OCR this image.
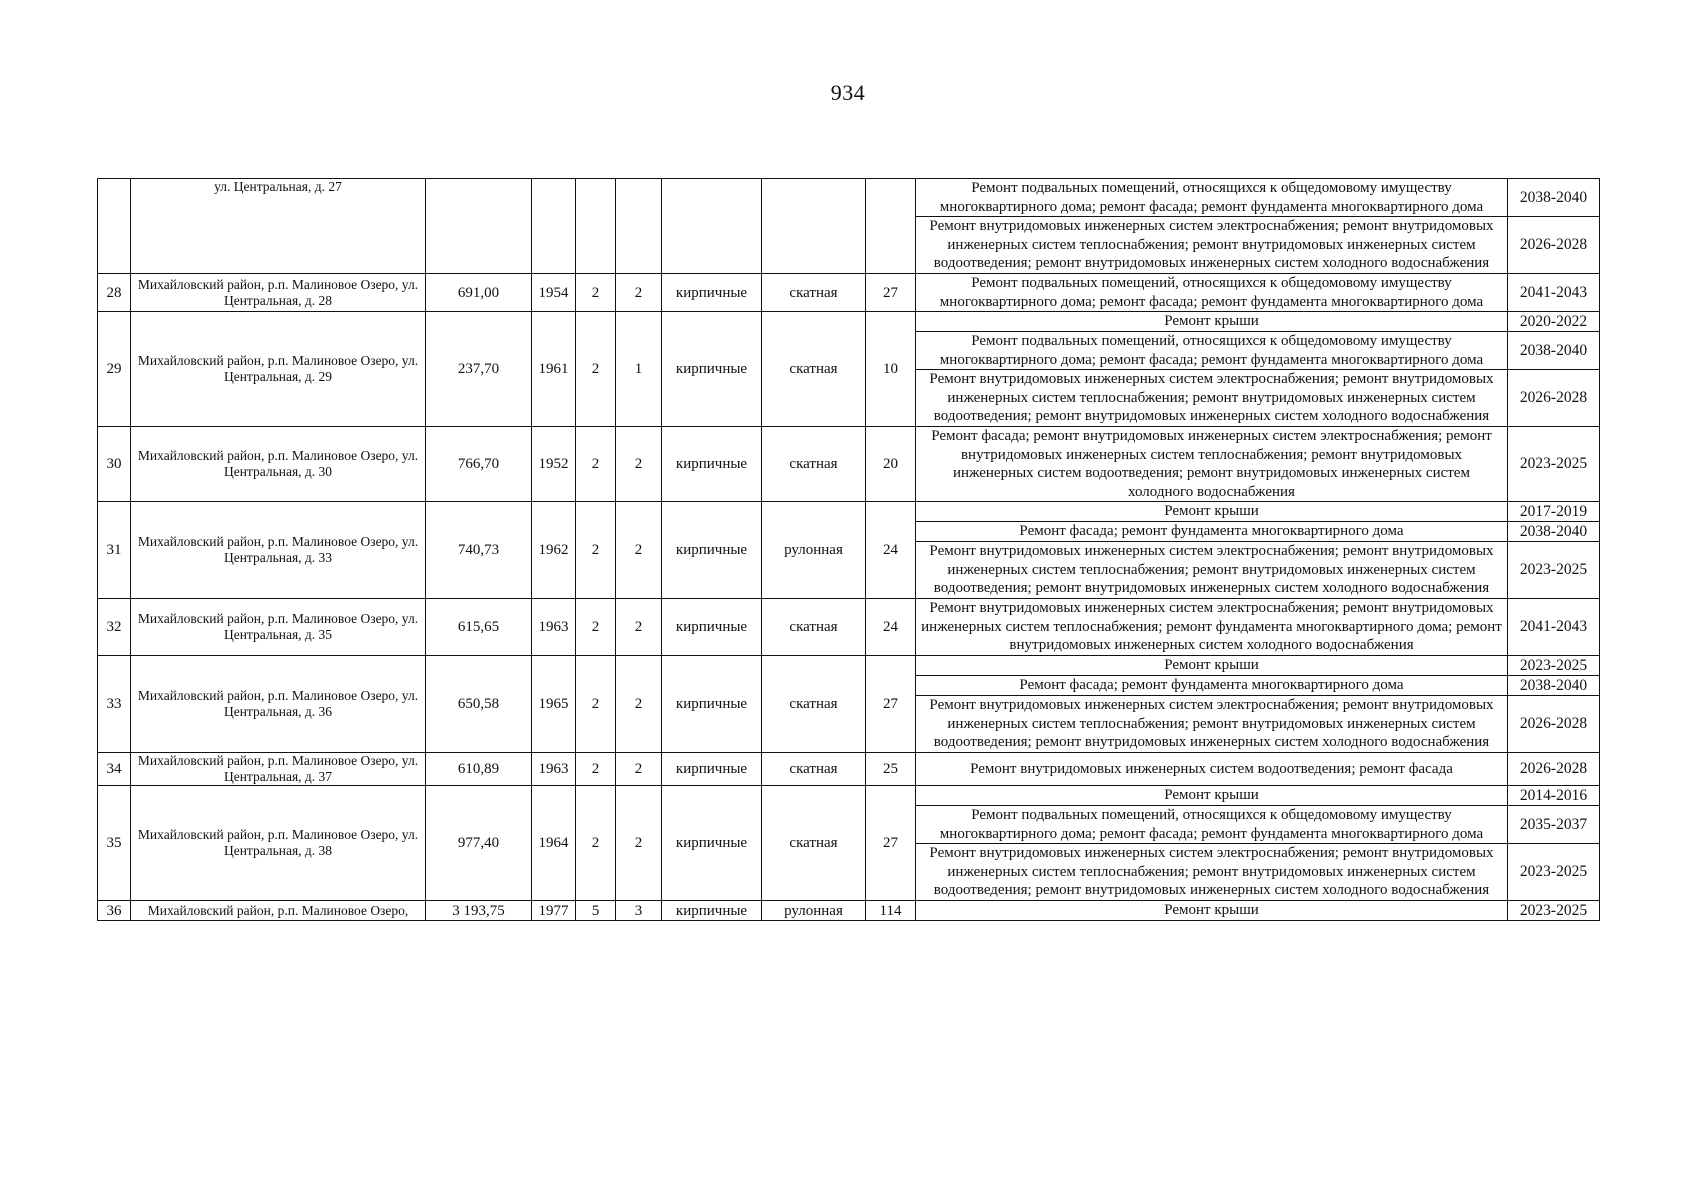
934
	ул. Центральная, д. 27								Ремонт подвальных помещений, относящихся к общедомовому имуществу многоквартирного дома; ремонт фасада; ремонт фундамента многоквартирного дома	2038-2040
									Ремонт внутридомовых инженерных систем электроснабжения; ремонт внутридомовых инженерных систем теплоснабжения; ремонт внутридомовых инженерных систем водоотведения; ремонт внутридомовых инженерных систем холодного водоснабжения	2026-2028
28	Михайловский район, р.п. Малиновое Озеро, ул. Центральная, д. 28	691,00	1954	2	2	кирпичные	скатная	27	Ремонт подвальных помещений, относящихся к общедомовому имуществу многоквартирного дома; ремонт фасада; ремонт фундамента многоквартирного дома	2041-2043
29	Михайловский район, р.п. Малиновое Озеро, ул. Центральная, д. 29	237,70	1961	2	1	кирпичные	скатная	10	Ремонт крыши	2020-2022
									Ремонт подвальных помещений, относящихся к общедомовому имуществу многоквартирного дома; ремонт фасада; ремонт фундамента многоквартирного дома	2038-2040
									Ремонт внутридомовых инженерных систем электроснабжения; ремонт внутридомовых инженерных систем теплоснабжения; ремонт внутридомовых инженерных систем водоотведения; ремонт внутридомовых инженерных систем холодного водоснабжения	2026-2028
30	Михайловский район, р.п. Малиновое Озеро, ул. Центральная, д. 30	766,70	1952	2	2	кирпичные	скатная	20	Ремонт фасада; ремонт внутридомовых инженерных систем электроснабжения; ремонт внутридомовых инженерных систем теплоснабжения; ремонт внутридомовых инженерных систем водоотведения; ремонт внутридомовых инженерных систем холодного водоснабжения	2023-2025
31	Михайловский район, р.п. Малиновое Озеро, ул. Центральная, д. 33	740,73	1962	2	2	кирпичные	рулонная	24	Ремонт крыши	2017-2019
									Ремонт фасада; ремонт фундамента многоквартирного дома	2038-2040
									Ремонт внутридомовых инженерных систем электроснабжения; ремонт внутридомовых инженерных систем теплоснабжения; ремонт внутридомовых инженерных систем водоотведения; ремонт внутридомовых инженерных систем холодного водоснабжения	2023-2025
32	Михайловский район, р.п. Малиновое Озеро, ул. Центральная, д. 35	615,65	1963	2	2	кирпичные	скатная	24	Ремонт внутридомовых инженерных систем электроснабжения; ремонт внутридомовых инженерных систем теплоснабжения; ремонт фундамента многоквартирного дома; ремонт внутридомовых инженерных систем холодного водоснабжения	2041-2043
33	Михайловский район, р.п. Малиновое Озеро, ул. Центральная, д. 36	650,58	1965	2	2	кирпичные	скатная	27	Ремонт крыши	2023-2025
									Ремонт фасада; ремонт фундамента многоквартирного дома	2038-2040
									Ремонт внутридомовых инженерных систем электроснабжения; ремонт внутридомовых инженерных систем теплоснабжения; ремонт внутридомовых инженерных систем водоотведения; ремонт внутридомовых инженерных систем холодного водоснабжения	2026-2028
34	Михайловский район, р.п. Малиновое Озеро, ул. Центральная, д. 37	610,89	1963	2	2	кирпичные	скатная	25	Ремонт внутридомовых инженерных систем водоотведения; ремонт фасада	2026-2028
35	Михайловский район, р.п. Малиновое Озеро, ул. Центральная, д. 38	977,40	1964	2	2	кирпичные	скатная	27	Ремонт крыши	2014-2016
									Ремонт подвальных помещений, относящихся к общедомовому имуществу многоквартирного дома; ремонт фасада; ремонт фундамента многоквартирного дома	2035-2037
									Ремонт внутридомовых инженерных систем электроснабжения; ремонт внутридомовых инженерных систем теплоснабжения; ремонт внутридомовых инженерных систем водоотведения; ремонт внутридомовых инженерных систем холодного водоснабжения	2023-2025
36	Михайловский район, р.п. Малиновое Озеро,	3 193,75	1977	5	3	кирпичные	рулонная	114	Ремонт крыши	2023-2025
